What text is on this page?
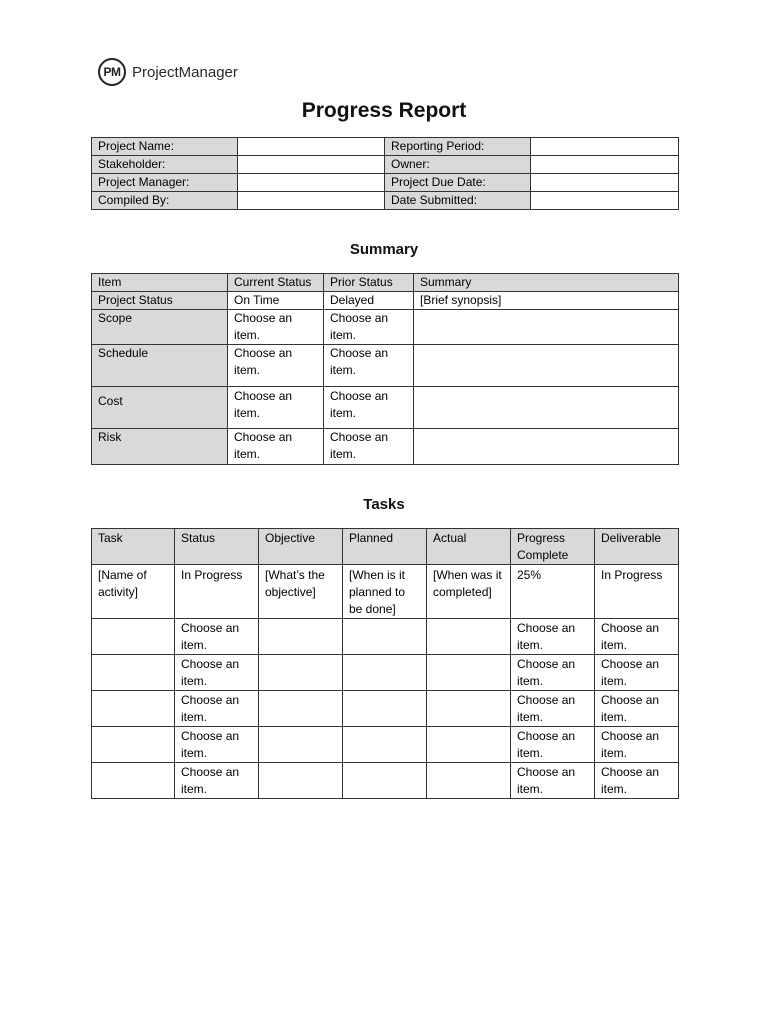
PM ProjectManager
Progress Report
Project Name:		Reporting Period:	
Stakeholder:		Owner:	
Project Manager:		Project Due Date:	
Compiled By:		Date Submitted:	
Summary
Item	Current Status	Prior Status	Summary
Project Status	On Time	Delayed	[Brief synopsis]
Scope	Choose an item.	Choose an item.	
Schedule	Choose an item.	Choose an item.	
Cost	Choose an item.	Choose an item.	
Risk	Choose an item.	Choose an item.	
Tasks
Task	Status	Objective	Planned	Actual	Progress Complete	Deliverable
[Name of activity]	In Progress	[What’s the objective]	[When is it planned to be done]	[When was it completed]	25%	In Progress
	Choose an item.				Choose an item.	Choose an item.
	Choose an item.				Choose an item.	Choose an item.
	Choose an item.				Choose an item.	Choose an item.
	Choose an item.				Choose an item.	Choose an item.
	Choose an item.				Choose an item.	Choose an item.
